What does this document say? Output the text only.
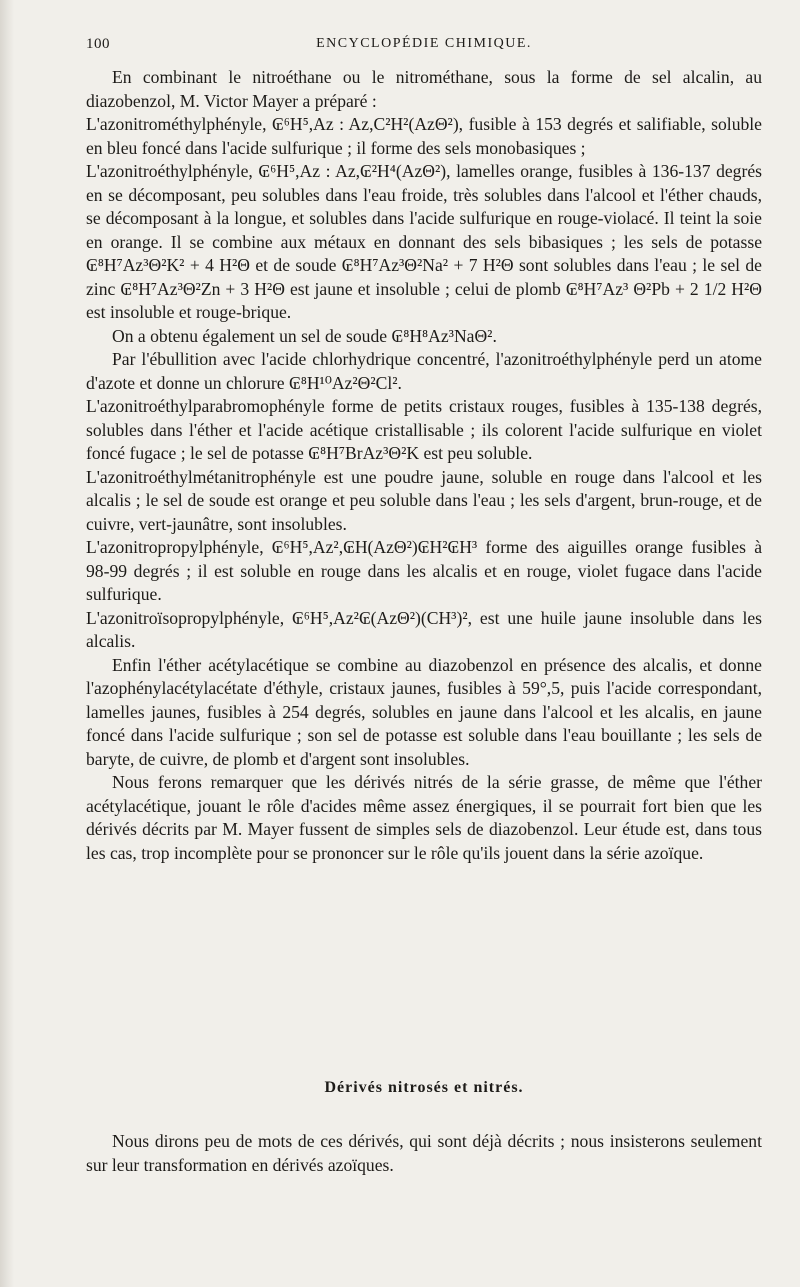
100	ENCYCLOPÉDIE CHIMIQUE.

En combinant le nitroéthane ou le nitrométhane, sous la forme de sel alcalin, au diazobenzol, M. Victor Mayer a préparé :

L'azonitrométhylphényle, ₢⁶H⁵,Az : Az,C²H²(AzΘ²), fusible à 153 degrés et salifiable, soluble en bleu foncé dans l'acide sulfurique ; il forme des sels monobasiques ;

L'azonitroéthylphényle, ₢⁶H⁵,Az : Az,₢²H⁴(AzΘ²), lamelles orange, fusibles à 136-137 degrés en se décomposant, peu solubles dans l'eau froide, très solubles dans l'alcool et l'éther chauds, se décomposant à la longue, et solubles dans l'acide sulfurique en rouge-violacé. Il teint la soie en orange. Il se combine aux métaux en donnant des sels bibasiques ; les sels de potasse ₢⁸H⁷Az³Θ²K² + 4 H²Θ et de soude ₢⁸H⁷Az³Θ²Na² + 7 H²Θ sont solubles dans l'eau ; le sel de zinc ₢⁸H⁷Az³Θ²Zn + 3 H²Θ est jaune et insoluble ; celui de plomb ₢⁸H⁷Az³ Θ²Pb + 2 1/2 H²Θ est insoluble et rouge-brique.

On a obtenu également un sel de soude ₢⁸H⁸Az³NaΘ².

Par l'ébullition avec l'acide chlorhydrique concentré, l'azonitroéthylphényle perd un atome d'azote et donne un chlorure ₢⁸H¹⁰Az²Θ²Cl².

L'azonitroéthylparabromophényle forme de petits cristaux rouges, fusibles à 135-138 degrés, solubles dans l'éther et l'acide acétique cristallisable ; ils colorent l'acide sulfurique en violet foncé fugace ; le sel de potasse ₢⁸H⁷BrAz³Θ²K est peu soluble.

L'azonitroéthylmétanitrophényle est une poudre jaune, soluble en rouge dans l'alcool et les alcalis ; le sel de soude est orange et peu soluble dans l'eau ; les sels d'argent, brun-rouge, et de cuivre, vert-jaunâtre, sont insolubles.

L'azonitropropylphényle, ₢⁶H⁵,Az²,₢H(AzΘ²)₢H²₢H³ forme des aiguilles orange fusibles à 98-99 degrés ; il est soluble en rouge dans les alcalis et en rouge, violet fugace dans l'acide sulfurique.

L'azonitroïsopropylphényle, ₢⁶H⁵,Az²₢(AzΘ²)(CH³)², est une huile jaune insoluble dans les alcalis.

Enfin l'éther acétylacétique se combine au diazobenzol en présence des alcalis, et donne l'azophénylacétylacétate d'éthyle, cristaux jaunes, fusibles à 59°,5, puis l'acide correspondant, lamelles jaunes, fusibles à 254 degrés, solubles en jaune dans l'alcool et les alcalis, en jaune foncé dans l'acide sulfurique ; son sel de potasse est soluble dans l'eau bouillante ; les sels de baryte, de cuivre, de plomb et d'argent sont insolubles.

Nous ferons remarquer que les dérivés nitrés de la série grasse, de même que l'éther acétylacétique, jouant le rôle d'acides même assez énergiques, il se pourrait fort bien que les dérivés décrits par M. Mayer fussent de simples sels de diazobenzol. Leur étude est, dans tous les cas, trop incomplète pour se prononcer sur le rôle qu'ils jouent dans la série azoïque.

Dérivés nitrosés et nitrés.

Nous dirons peu de mots de ces dérivés, qui sont déjà décrits ; nous insisterons seulement sur leur transformation en dérivés azoïques.
